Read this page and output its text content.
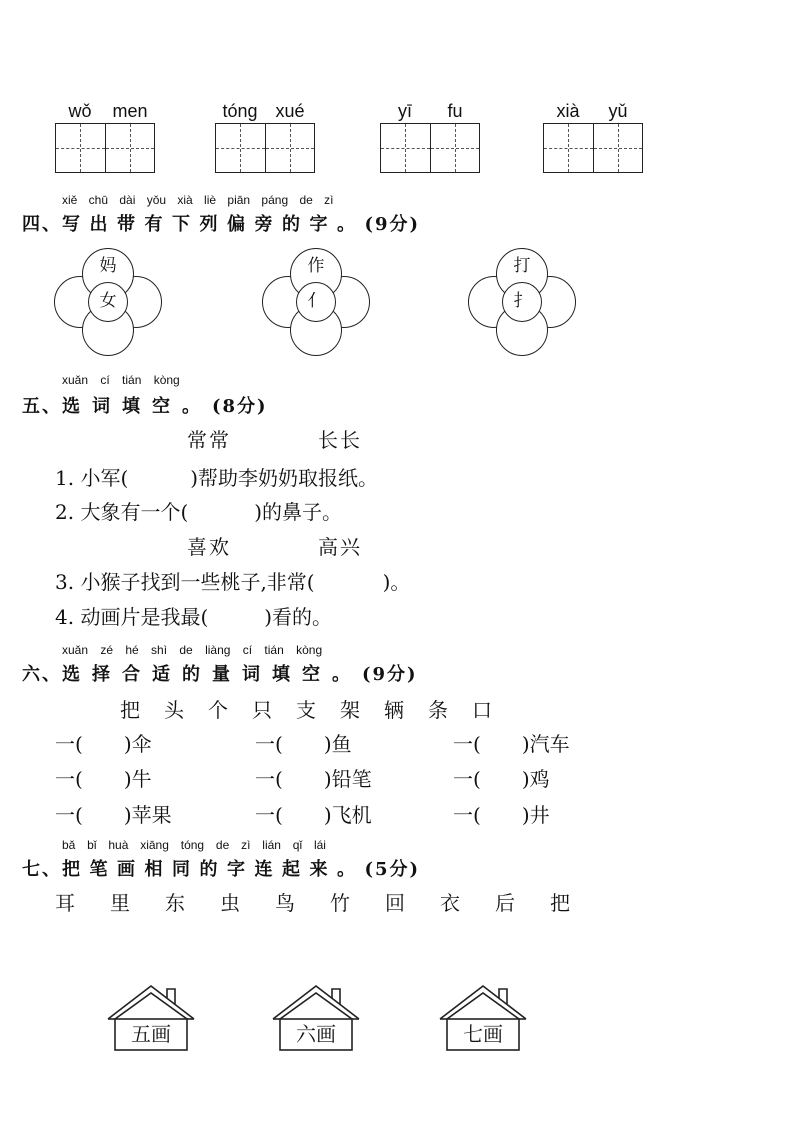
wǒ	men	tóng xué	yī	fu	xià	yǔ
xiě chū dài yǒu xià liè piān páng de zì
四、 写出带有下列偏旁的字。 (9分)
妈
女
作
亻
打
扌
xuǎn cí tián kòng
五、 选词填空。 (8分)
常常	长长
1. 小军(	)帮助李奶奶取报纸。
2. 大象有一个(	)的鼻子。
喜欢	高兴
3. 小猴子找到一些桃子,非常(	)。
4. 动画片是我最(	)看的。
xuǎn zé hé shì de liàng cí tián kòng
六、 选择合适的量词填空。 (9分)
把 头 个 只 支 架 辆 条 口
一( )伞	一( )鱼	一( )汽车
一( )牛	一( )铅笔	一( )鸡
一( )苹果	一( )飞机	一( )井
bǎ bǐ huà xiāng tóng de zì lián qǐ lái
七、 把笔画相同的字连起来。 (5分)
耳 里 东 虫 鸟 竹 回 衣 后 把
五画	六画	七画
